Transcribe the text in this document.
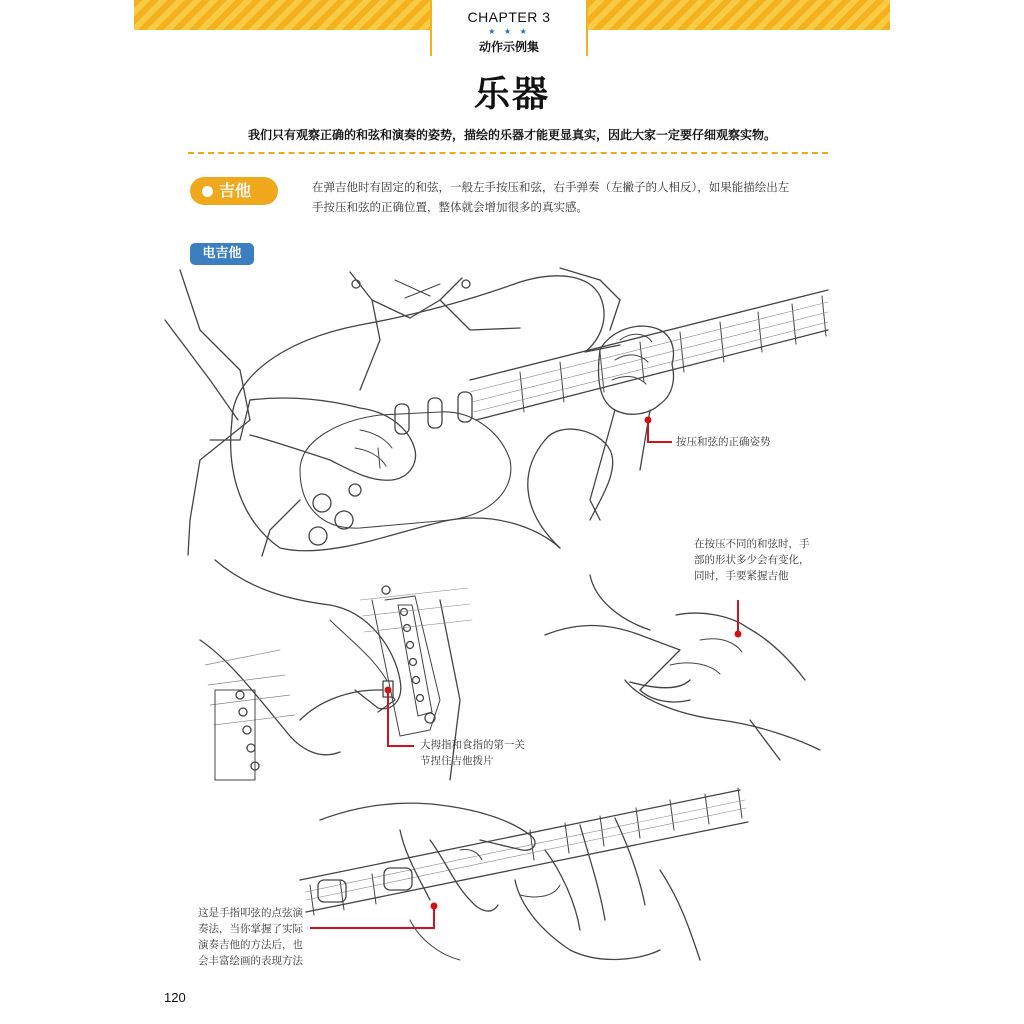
CHAPTER 3
★ ★ ★
动作示例集
乐器
我们只有观察正确的和弦和演奏的姿势，描绘的乐器才能更显真实，因此大家一定要仔细观察实物。
吉他	在弹吉他时有固定的和弦，一般左手按压和弦，右手弹奏（左撇子的人相反），如果能描绘出左手按压和弦的正确位置，整体就会增加很多的真实感。
电吉他
按压和弦的正确姿势
在按压不同的和弦时，手
部的形状多少会有变化，
同时，手要紧握吉他
大拇指和食指的第一关
节捏住吉他拨片
这是手指叩弦的点弦演
奏法，当你掌握了实际
演奏吉他的方法后，也
会丰富绘画的表现方法
120
